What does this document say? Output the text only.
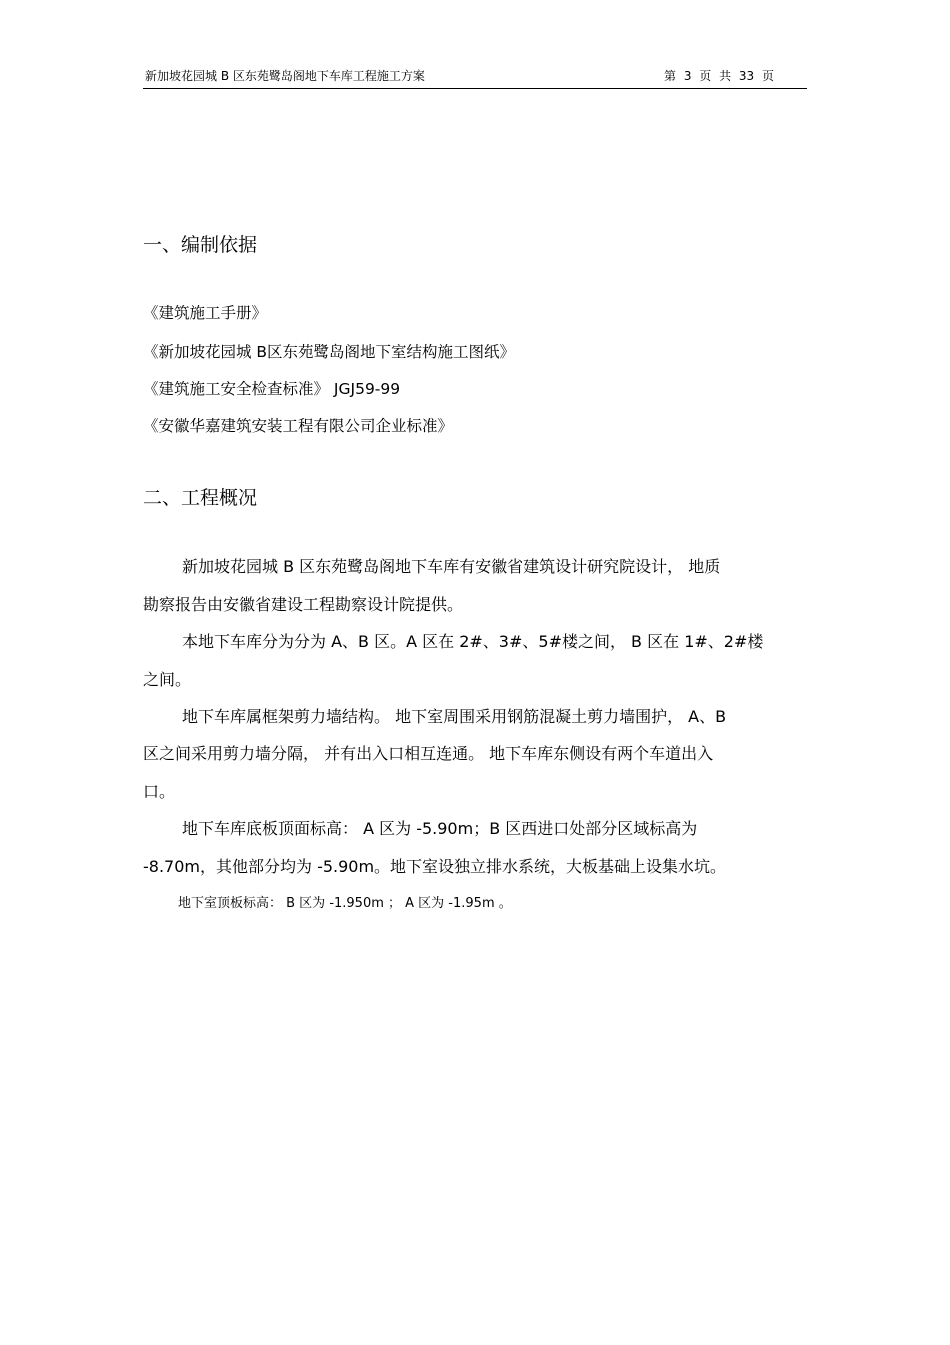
新加坡花园城 B 区东苑鹭岛阁地下车库工程施工方案	第 3 页 共 33 页
一、编制依据
《建筑施工手册》
《新加坡花园城 B区东苑鹭岛阁地下室结构施工图纸》
《建筑施工安全检查标准》 JGJ59-99
《安徽华嘉建筑安装工程有限公司企业标准》
二、工程概况
新加坡花园城 B 区东苑鹭岛阁地下车库有安徽省建筑设计研究院设计， 地质
勘察报告由安徽省建设工程勘察设计院提供。
本地下车库分为分为 A、B 区。A 区在 2#、3#、5#楼之间， B 区在 1#、2#楼
之间。
地下车库属框架剪力墙结构。 地下室周围采用钢筋混凝土剪力墙围护， A、B
区之间采用剪力墙分隔， 并有出入口相互连通。 地下车库东侧设有两个车道出入
口。
地下车库底板顶面标高： A 区为 -5.90m；B 区西进口处部分区域标高为
-8.70m，其他部分均为 -5.90m。地下室设独立排水系统，大板基础上设集水坑。
地下室顶板标高： B 区为 -1.950m ； A 区为 -1.95m 。
